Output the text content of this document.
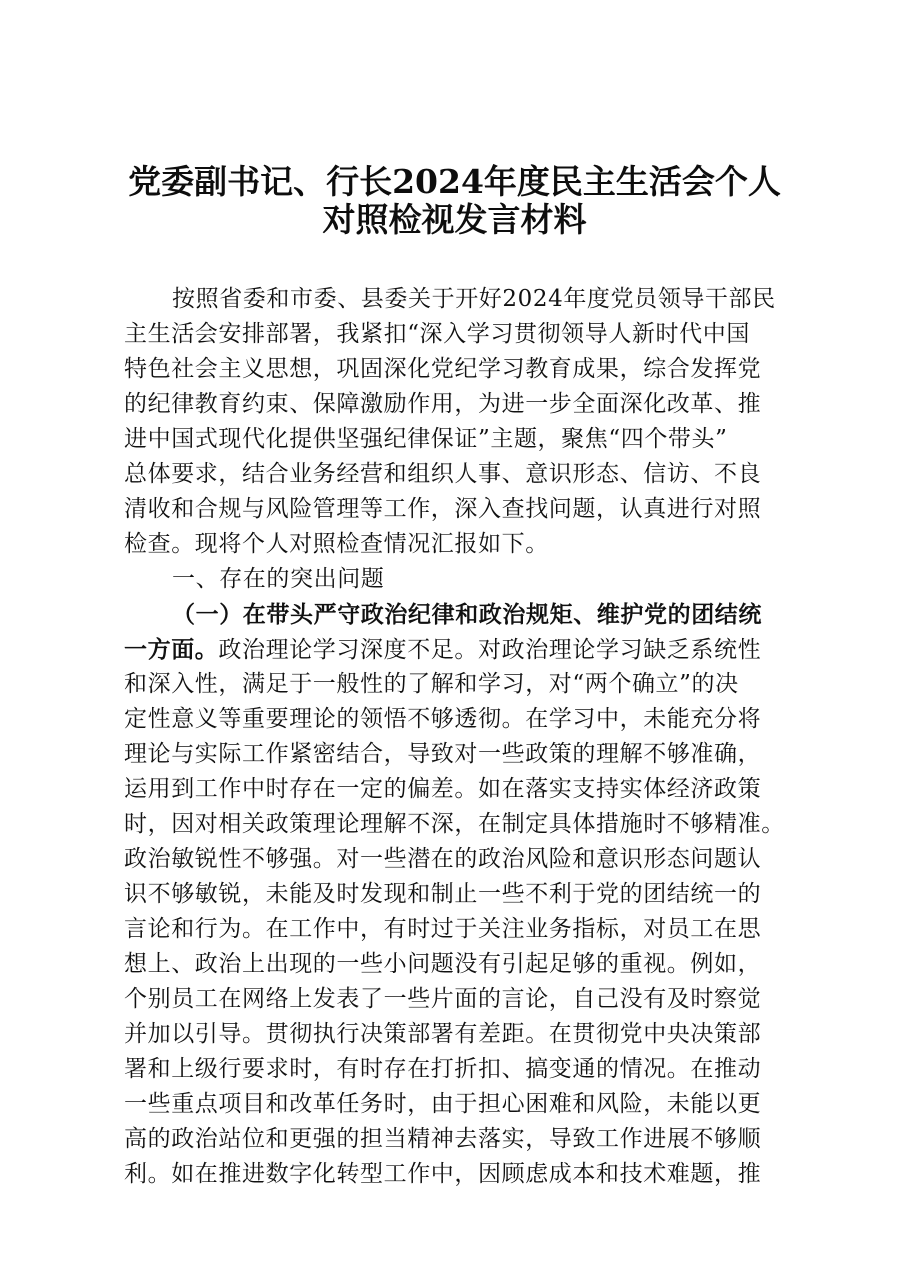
党委副书记、行长2024年度民主生活会个人
对照检视发言材料
按照省委和市委、县委关于开好2024年度党员领导干部民
主生活会安排部署，我紧扣“深入学习贯彻领导人新时代中国
特色社会主义思想，巩固深化党纪学习教育成果，综合发挥党
的纪律教育约束、保障激励作用，为进一步全面深化改革、推
进中国式现代化提供坚强纪律保证”主题，聚焦“四个带头”
总体要求，结合业务经营和组织人事、意识形态、信访、不良
清收和合规与风险管理等工作，深入查找问题，认真进行对照
检查。现将个人对照检查情况汇报如下。
一、存在的突出问题
（一）在带头严守政治纪律和政治规矩、维护党的团结统
一方面。政治理论学习深度不足。对政治理论学习缺乏系统性
和深入性，满足于一般性的了解和学习，对“两个确立”的决
定性意义等重要理论的领悟不够透彻。在学习中，未能充分将
理论与实际工作紧密结合，导致对一些政策的理解不够准确，
运用到工作中时存在一定的偏差。如在落实支持实体经济政策
时，因对相关政策理论理解不深，在制定具体措施时不够精准。
政治敏锐性不够强。对一些潜在的政治风险和意识形态问题认
识不够敏锐，未能及时发现和制止一些不利于党的团结统一的
言论和行为。在工作中，有时过于关注业务指标，对员工在思
想上、政治上出现的一些小问题没有引起足够的重视。例如，
个别员工在网络上发表了一些片面的言论，自己没有及时察觉
并加以引导。贯彻执行决策部署有差距。在贯彻党中央决策部
署和上级行要求时，有时存在打折扣、搞变通的情况。在推动
一些重点项目和改革任务时，由于担心困难和风险，未能以更
高的政治站位和更强的担当精神去落实，导致工作进展不够顺
利。如在推进数字化转型工作中，因顾虑成本和技术难题，推
